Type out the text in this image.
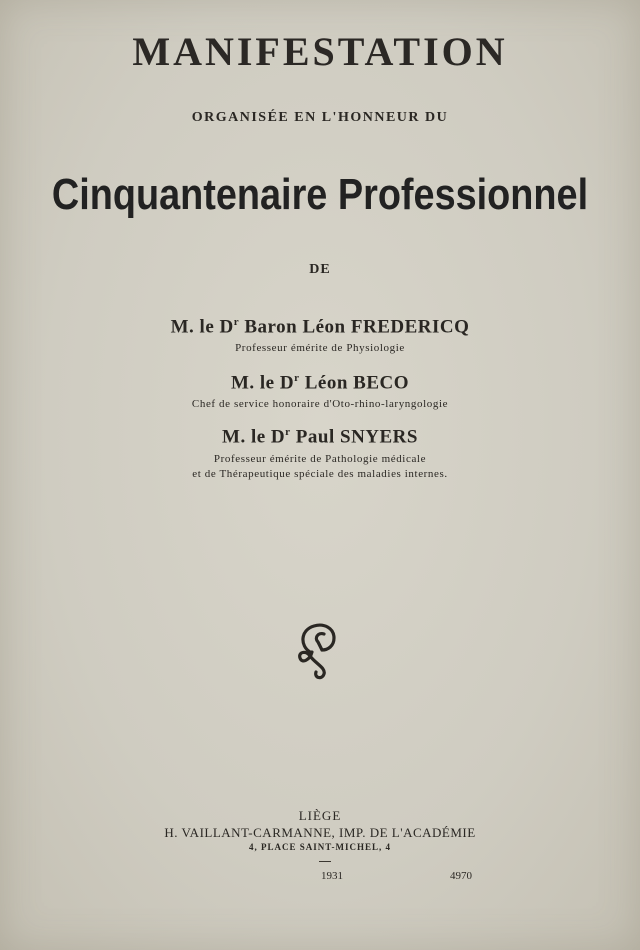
MANIFESTATION
ORGANISÉE EN L'HONNEUR DU
Cinquantenaire Professionnel
DE
M. le $D^r$ Baron Léon FREDERICQ
Professeur émérite de Physiologie
M. le $D^r$ Léon BECO
Chef de service honoraire d'Oto-rhino-laryngologie
M. le $D^r$ Paul SNYERS
Professeur émérite de Pathologie médicale
et de Thérapeutique spéciale des maladies internes.
LIÈGE
H. VAILLANT-CARMANNE, IMP. DE L'ACADÉMIE
4, PLACE SAINT-MICHEL, 4
1931	4970
